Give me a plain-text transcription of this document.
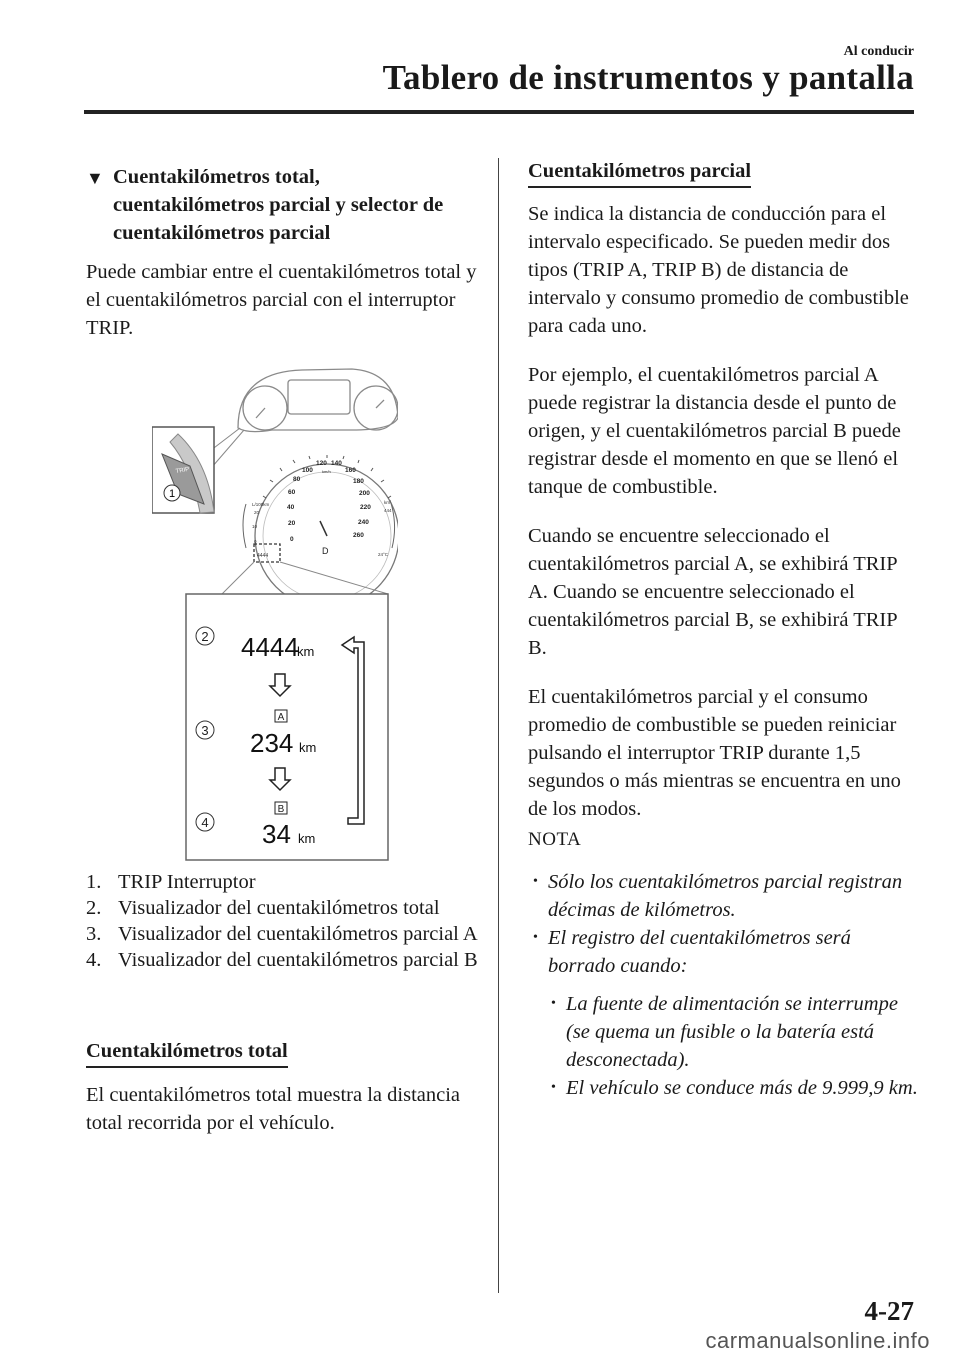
Al conducir
Tablero de instrumentos y pantalla
▼ Cuentakilómetros total, cuentakilómetros parcial y selector de cuentakilómetros parcial
Puede cambiar entre el cuentakilómetros total y el cuentakilómetros parcial con el interruptor TRIP.
TRIP
1
0
20
40
60
80
100
120 140
160
180
200
220
240
260
km/h
D
L/100km
20
10
0
km
444
24°C
4444
2 4444
km
A
3 234 km
B
4 34 km
1. TRIP Interruptor
2. Visualizador del cuentakilómetros total
3. Visualizador del cuentakilómetros parcial A
4. Visualizador del cuentakilómetros parcial B
Cuentakilómetros total
El cuentakilómetros total muestra la distancia total recorrida por el vehículo.
Cuentakilómetros parcial
Se indica la distancia de conducción para el intervalo especificado. Se pueden medir dos tipos (TRIP A, TRIP B) de distancia de intervalo y consumo promedio de combustible para cada uno.
Por ejemplo, el cuentakilómetros parcial A puede registrar la distancia desde el punto de origen, y el cuentakilómetros parcial B puede registrar desde el momento en que se llenó el tanque de combustible.
Cuando se encuentre seleccionado el cuentakilómetros parcial A, se exhibirá TRIP A. Cuando se encuentre seleccionado el cuentakilómetros parcial B, se exhibirá TRIP B.
El cuentakilómetros parcial y el consumo promedio de combustible se pueden reiniciar pulsando el interruptor TRIP durante 1,5 segundos o más mientras se encuentra en uno de los modos.
NOTA
• Sólo los cuentakilómetros parcial registran décimas de kilómetros.
• El registro del cuentakilómetros será borrado cuando:
• La fuente de alimentación se interrumpe (se quema un fusible o la batería está desconectada).
• El vehículo se conduce más de 9.999,9 km.
4-27
carmanualsonline.info
